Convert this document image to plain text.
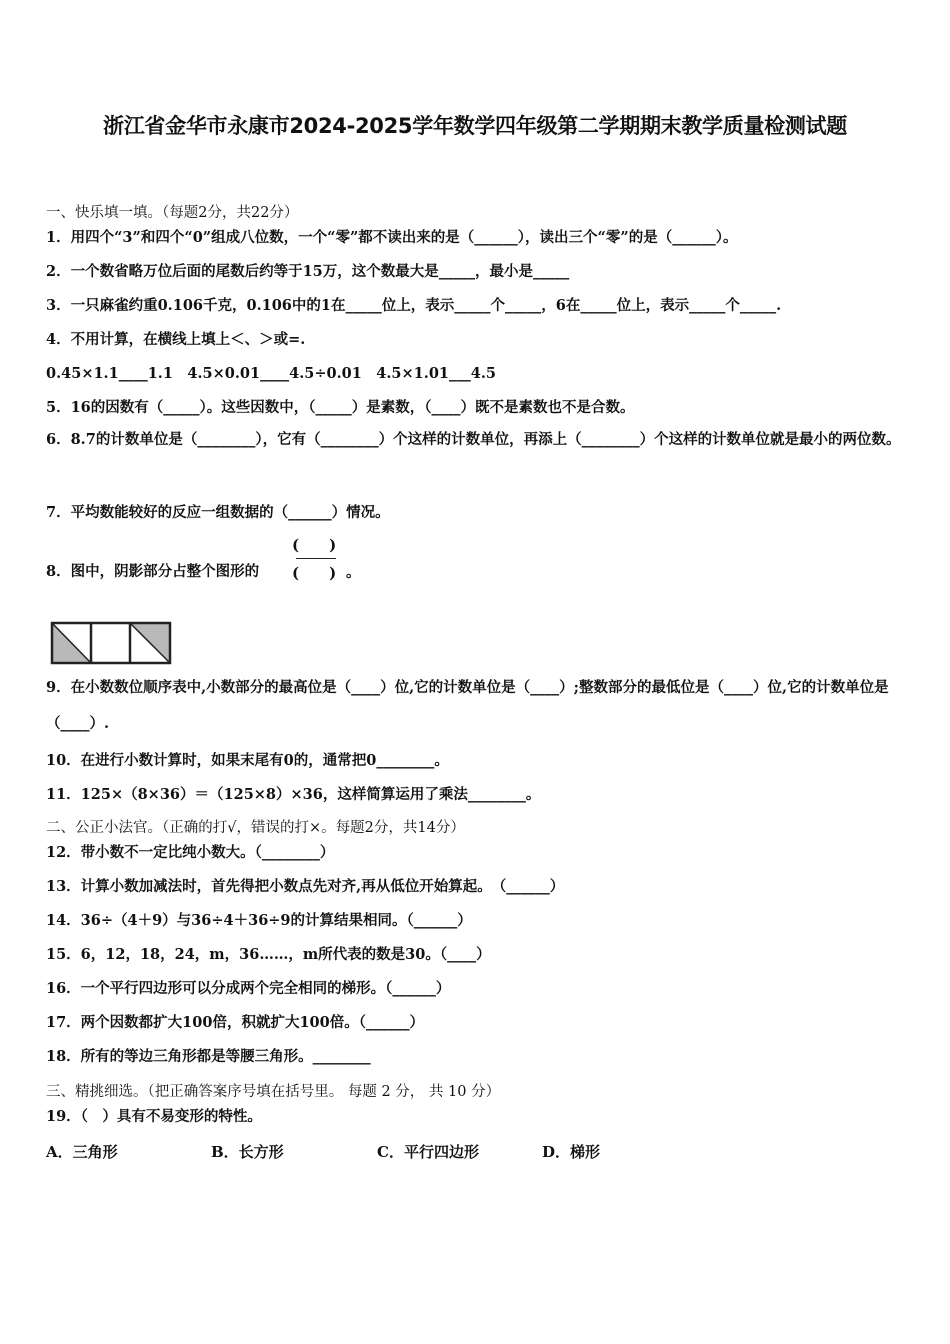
浙江省金华市永康市2024-2025学年数学四年级第二学期期末教学质量检测试题
一、快乐填一填。（每题2分，共22分）
1．用四个“3”和四个“0”组成八位数，一个“零”都不读出来的是（______），读出三个“零”的是（______）。
2．一个数省略万位后面的尾数后约等于15万，这个数最大是_____，最小是_____
3．一只麻雀约重0.106千克，0.106中的1在_____位上，表示_____个_____，6在_____位上，表示_____个_____.
4．不用计算，在横线上填上＜、＞或=.
0.45×1.1____1.1　4.5×0.01____4.5÷0.01　4.5×1.01___4.5
5．16的因数有（_____）。这些因数中，（_____）是素数，（____）既不是素数也不是合数。
6．8.7的计数单位是（________），它有（________）个这样的计数单位，再添上（________）个这样的计数单位就是最小的两位数。
7．平均数能较好的反应一组数据的（______）情况。
8．图中，阴影部分占整个图形的
(　　)
(　　) 。
9．在小数数位顺序表中,小数部分的最高位是（____）位,它的计数单位是（____）;整数部分的最低位是（____）位,它的计数单位是（____）.
10．在进行小数计算时，如果末尾有0的，通常把0________。
11．125×（8×36）＝（125×8）×36，这样简算运用了乘法________。
二、公正小法官。（正确的打√，错误的打×。每题2分，共14分）
12．带小数不一定比纯小数大。（________）
13．计算小数加减法时，首先得把小数点先对齐,再从低位开始算起。　（______）
14．36÷（4＋9）与36÷4＋36÷9的计算结果相同。（______）
15．6，12，18，24，m，36……，m所代表的数是30。（____）
16．一个平行四边形可以分成两个完全相同的梯形。（______）
17．两个因数都扩大100倍，积就扩大100倍。（______）
18．所有的等边三角形都是等腰三角形。________
三、精挑细选。（把正确答案序号填在括号里。 每题 2 分， 共 10 分）
19．（　）具有不易变形的特性。
A．三角形	B．长方形	C．平行四边形	D．梯形
